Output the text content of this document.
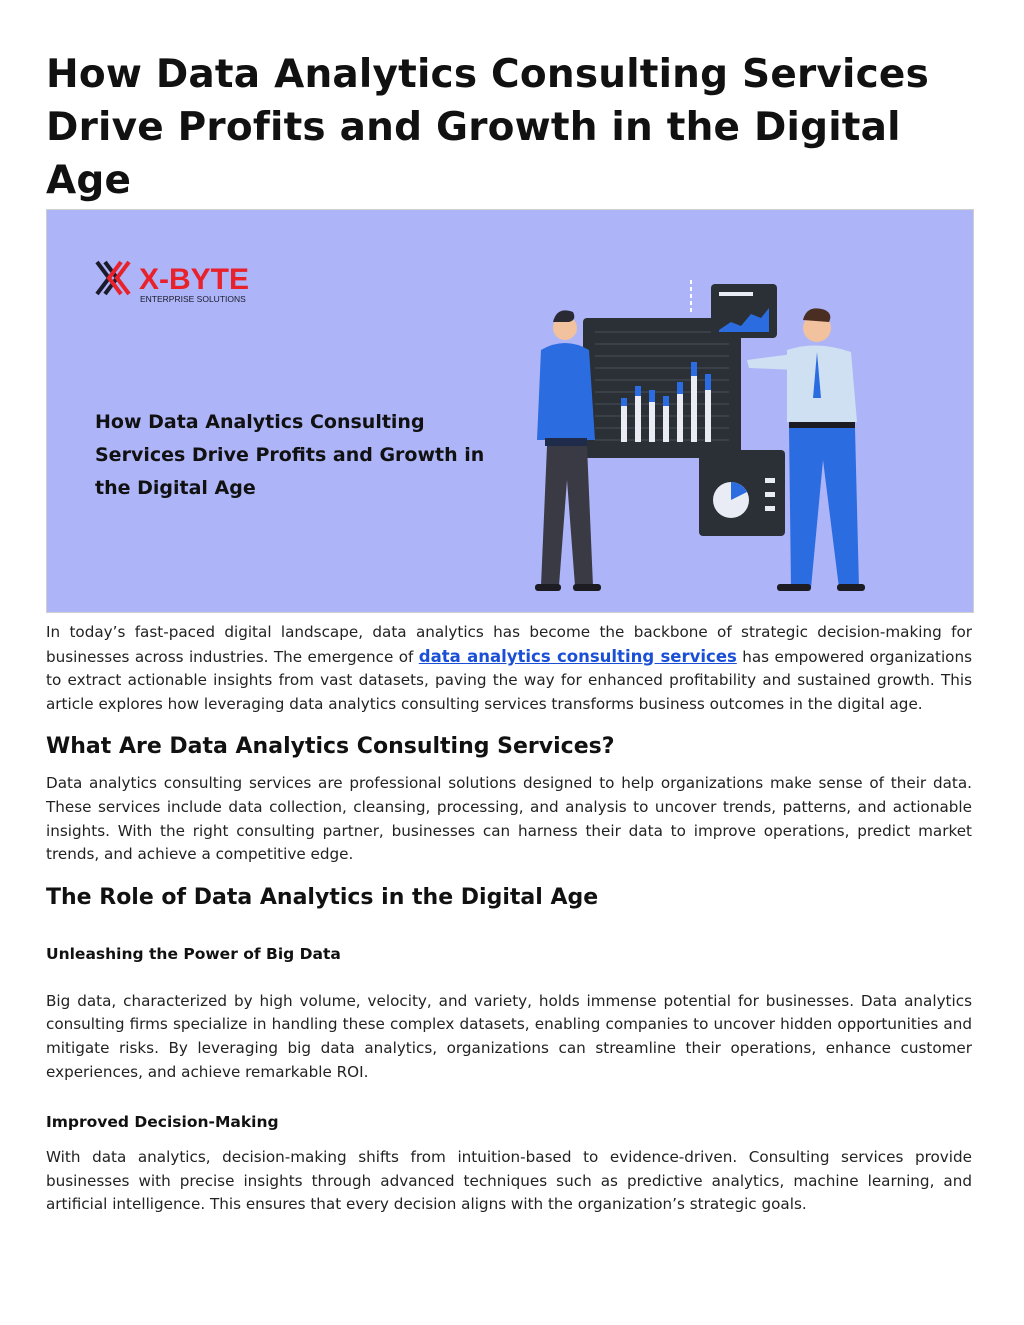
How Data Analytics Consulting Services Drive Profits and Growth in the Digital Age
X-BYTE
ENTERPRISE SOLUTIONS
How Data Analytics Consulting
Services Drive Profits and Growth in
the Digital Age

In today’s fast-paced digital landscape, data analytics has become the backbone of strategic decision-making for businesses across industries. The emergence of data analytics consulting services has empowered organizations to extract actionable insights from vast datasets, paving the way for enhanced profitability and sustained growth. This article explores how leveraging data analytics consulting services transforms business outcomes in the digital age.

What Are Data Analytics Consulting Services?

Data analytics consulting services are professional solutions designed to help organizations make sense of their data. These services include data collection, cleansing, processing, and analysis to uncover trends, patterns, and actionable insights. With the right consulting partner, businesses can harness their data to improve operations, predict market trends, and achieve a competitive edge.

The Role of Data Analytics in the Digital Age
Unleashing the Power of Big Data

Big data, characterized by high volume, velocity, and variety, holds immense potential for businesses. Data analytics consulting firms specialize in handling these complex datasets, enabling companies to uncover hidden opportunities and mitigate risks. By leveraging big data analytics, organizations can streamline their operations, enhance customer experiences, and achieve remarkable ROI.

Improved Decision-Making

With data analytics, decision-making shifts from intuition-based to evidence-driven. Consulting services provide businesses with precise insights through advanced techniques such as predictive analytics, machine learning, and artificial intelligence. This ensures that every decision aligns with the organization’s strategic goals.
